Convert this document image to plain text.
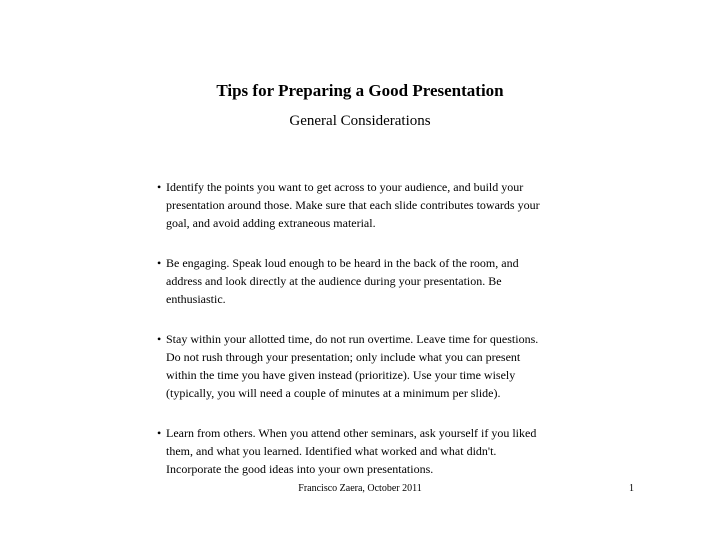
Tips for Preparing a Good Presentation
General Considerations
• Identify the points you want to get across to your audience, and build your
presentation around those. Make sure that each slide contributes towards your
goal, and avoid adding extraneous material.
• Be engaging. Speak loud enough to be heard in the back of the room, and
address and look directly at the audience during your presentation. Be
enthusiastic.
• Stay within your allotted time, do not run overtime. Leave time for questions.
Do not rush through your presentation; only include what you can present
within the time you have given instead (prioritize). Use your time wisely
(typically, you will need a couple of minutes at a minimum per slide).
• Learn from others. When you attend other seminars, ask yourself if you liked
them, and what you learned. Identified what worked and what didn't.
Incorporate the good ideas into your own presentations.
Francisco Zaera, October 2011	1
